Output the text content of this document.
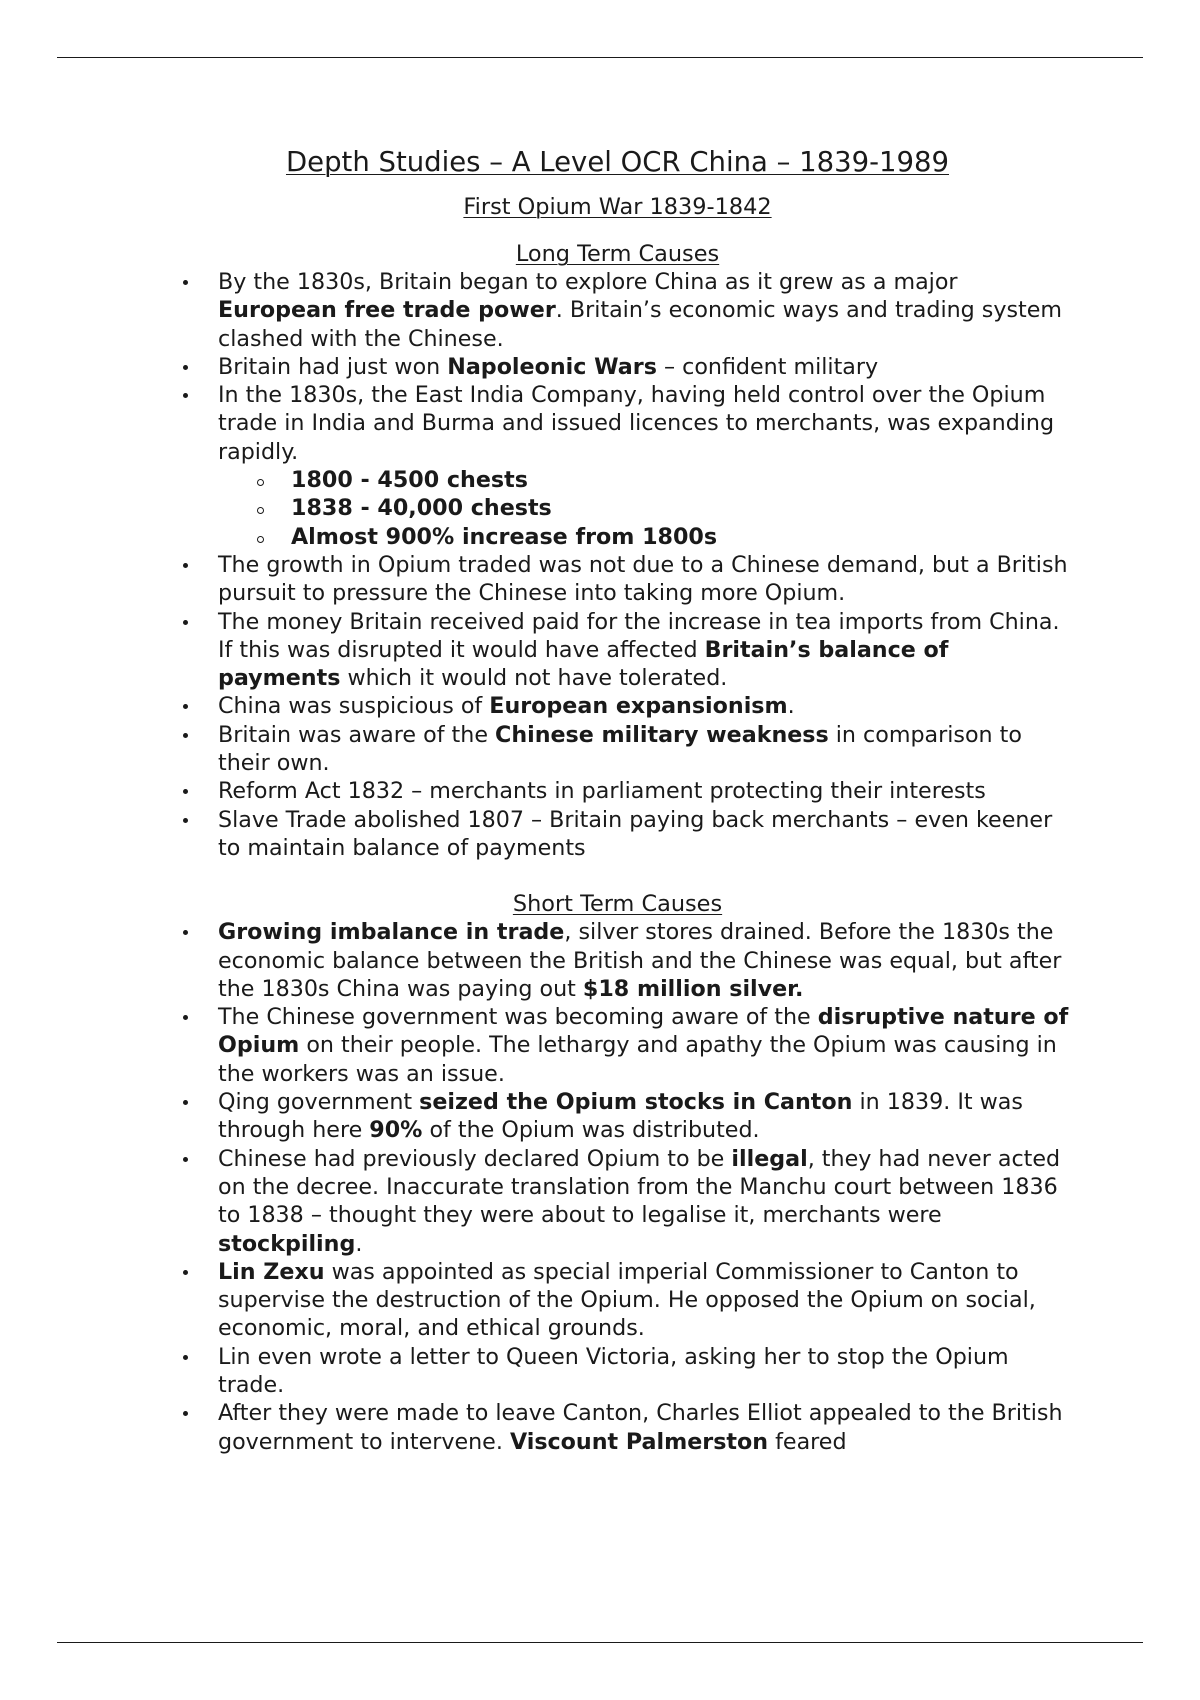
Depth Studies – A Level OCR China – 1839-1989
First Opium War 1839-1842
Long Term Causes
By the 1830s, Britain began to explore China as it grew as a major European free trade power. Britain’s economic ways and trading system clashed with the Chinese.
Britain had just won Napoleonic Wars – confident military
In the 1830s, the East India Company, having held control over the Opium trade in India and Burma and issued licences to merchants, was expanding rapidly.
1800 - 4500 chests
1838 - 40,000 chests
Almost 900% increase from 1800s
The growth in Opium traded was not due to a Chinese demand, but a British pursuit to pressure the Chinese into taking more Opium.
The money Britain received paid for the increase in tea imports from China. If this was disrupted it would have affected Britain’s balance of payments which it would not have tolerated.
China was suspicious of European expansionism.
Britain was aware of the Chinese military weakness in comparison to their own.
Reform Act 1832 – merchants in parliament protecting their interests
Slave Trade abolished 1807 – Britain paying back merchants – even keener to maintain balance of payments
Short Term Causes
Growing imbalance in trade, silver stores drained. Before the 1830s the economic balance between the British and the Chinese was equal, but after the 1830s China was paying out $18 million silver.
The Chinese government was becoming aware of the disruptive nature of Opium on their people. The lethargy and apathy the Opium was causing in the workers was an issue.
Qing government seized the Opium stocks in Canton in 1839. It was through here 90% of the Opium was distributed.
Chinese had previously declared Opium to be illegal, they had never acted on the decree. Inaccurate translation from the Manchu court between 1836 to 1838 – thought they were about to legalise it, merchants were stockpiling.
Lin Zexu was appointed as special imperial Commissioner to Canton to supervise the destruction of the Opium. He opposed the Opium on social, economic, moral, and ethical grounds.
Lin even wrote a letter to Queen Victoria, asking her to stop the Opium trade.
After they were made to leave Canton, Charles Elliot appealed to the British government to intervene. Viscount Palmerston feared
